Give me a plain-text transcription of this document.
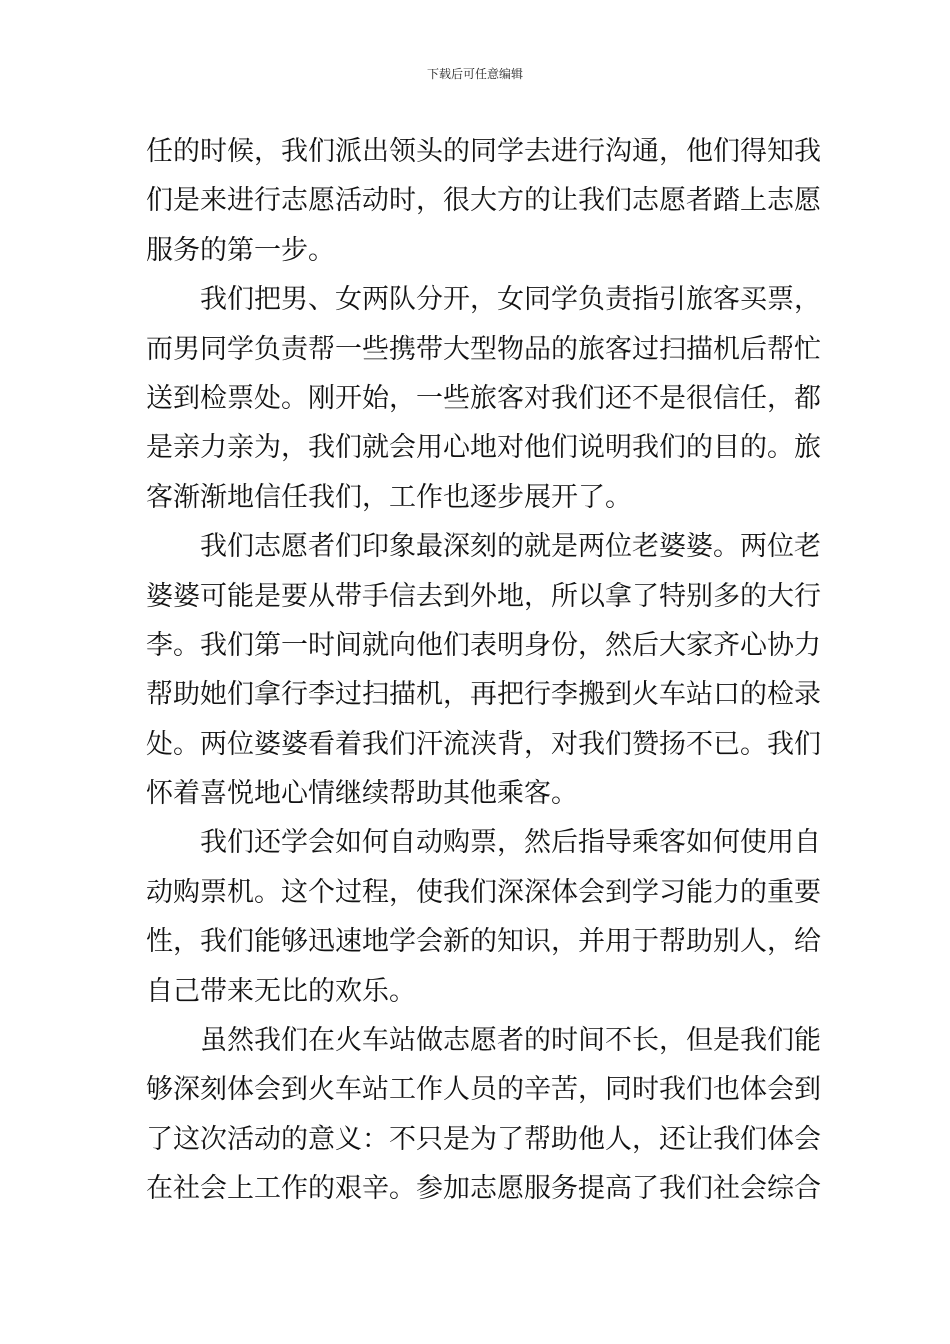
下载后可任意编辑
任的时候，我们派出领头的同学去进行沟通，他们得知我
们是来进行志愿活动时，很大方的让我们志愿者踏上志愿
服务的第一步。
我们把男、女两队分开，女同学负责指引旅客买票，
而男同学负责帮一些携带大型物品的旅客过扫描机后帮忙
送到检票处。刚开始，一些旅客对我们还不是很信任，都
是亲力亲为，我们就会用心地对他们说明我们的目的。旅
客渐渐地信任我们，工作也逐步展开了。
我们志愿者们印象最深刻的就是两位老婆婆。两位老
婆婆可能是要从带手信去到外地，所以拿了特别多的大行
李。我们第一时间就向他们表明身份，然后大家齐心协力
帮助她们拿行李过扫描机，再把行李搬到火车站口的检录
处。两位婆婆看着我们汗流浃背，对我们赞扬不已。我们
怀着喜悦地心情继续帮助其他乘客。
我们还学会如何自动购票，然后指导乘客如何使用自
动购票机。这个过程，使我们深深体会到学习能力的重要
性，我们能够迅速地学会新的知识，并用于帮助别人，给
自己带来无比的欢乐。
虽然我们在火车站做志愿者的时间不长，但是我们能
够深刻体会到火车站工作人员的辛苦，同时我们也体会到
了这次活动的意义：不只是为了帮助他人，还让我们体会
在社会上工作的艰辛。参加志愿服务提高了我们社会综合
